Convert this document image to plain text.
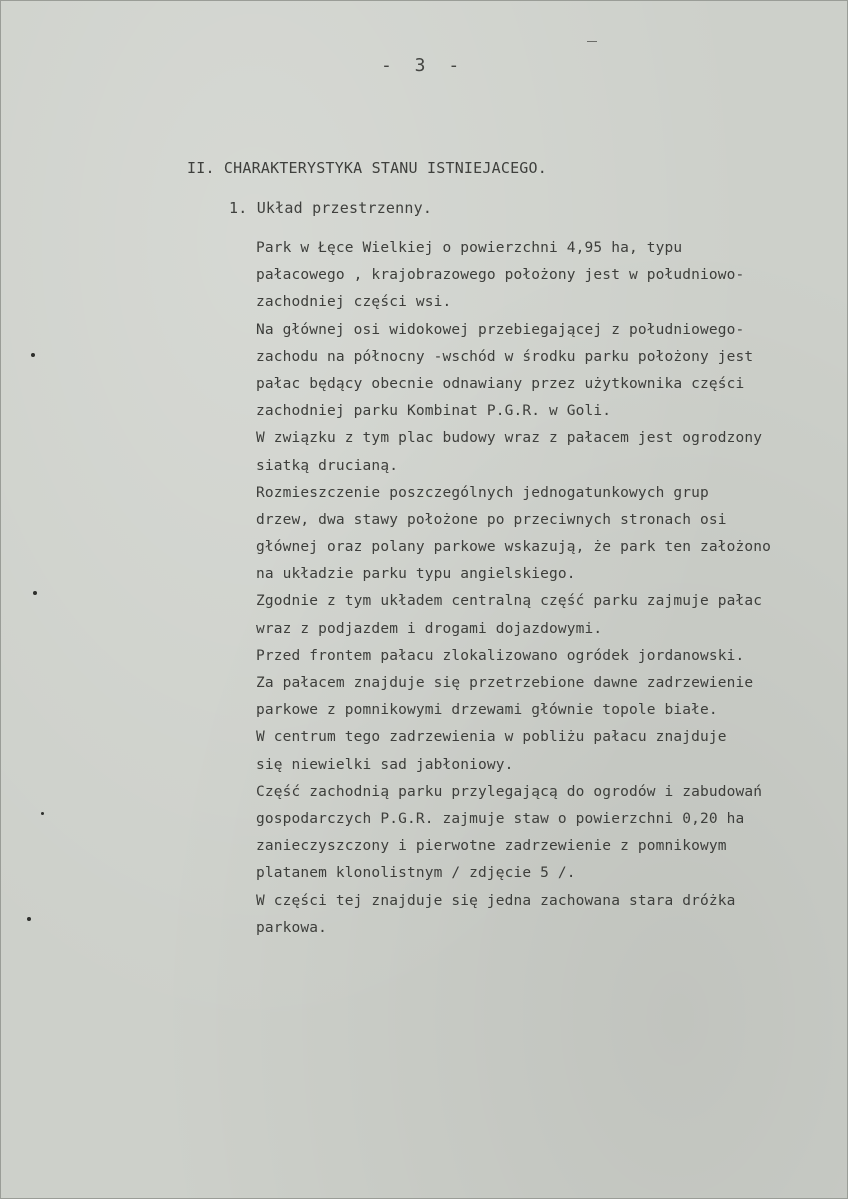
- 3 -
II. CHARAKTERYSTYKA STANU ISTNIEJACEGO.
1. Układ przestrzenny.
Park w Łęce Wielkiej o powierzchni 4,95 ha, typu
pałacowego , krajobrazowego położony jest w południowo-
zachodniej części wsi.
Na głównej osi widokowej przebiegającej z południowego-
zachodu na północny -wschód w środku parku położony jest
pałac będący obecnie odnawiany przez użytkownika części
zachodniej parku Kombinat P.G.R. w Goli.
W związku z tym plac budowy wraz z pałacem jest ogrodzony
siatką drucianą.
Rozmieszczenie poszczególnych jednogatunkowych grup
drzew, dwa stawy położone po przeciwnych stronach osi
głównej oraz polany parkowe wskazują, że park ten założono
na układzie parku typu angielskiego.
Zgodnie z tym układem centralną część parku zajmuje pałac
wraz z podjazdem i drogami dojazdowymi.
Przed frontem pałacu zlokalizowano ogródek jordanowski.
Za pałacem znajduje się przetrzebione dawne zadrzewienie
parkowe z pomnikowymi drzewami głównie topole białe.
W centrum tego zadrzewienia w pobliżu pałacu znajduje
się niewielki sad jabłoniowy.
Część zachodnią parku przylegającą do ogrodów i zabudowań
gospodarczych P.G.R. zajmuje staw o powierzchni 0,20 ha
zanieczyszczony i pierwotne zadrzewienie z pomnikowym
platanem klonolistnym / zdjęcie 5 /.
W części tej znajduje się jedna zachowana stara dróżka
parkowa.
